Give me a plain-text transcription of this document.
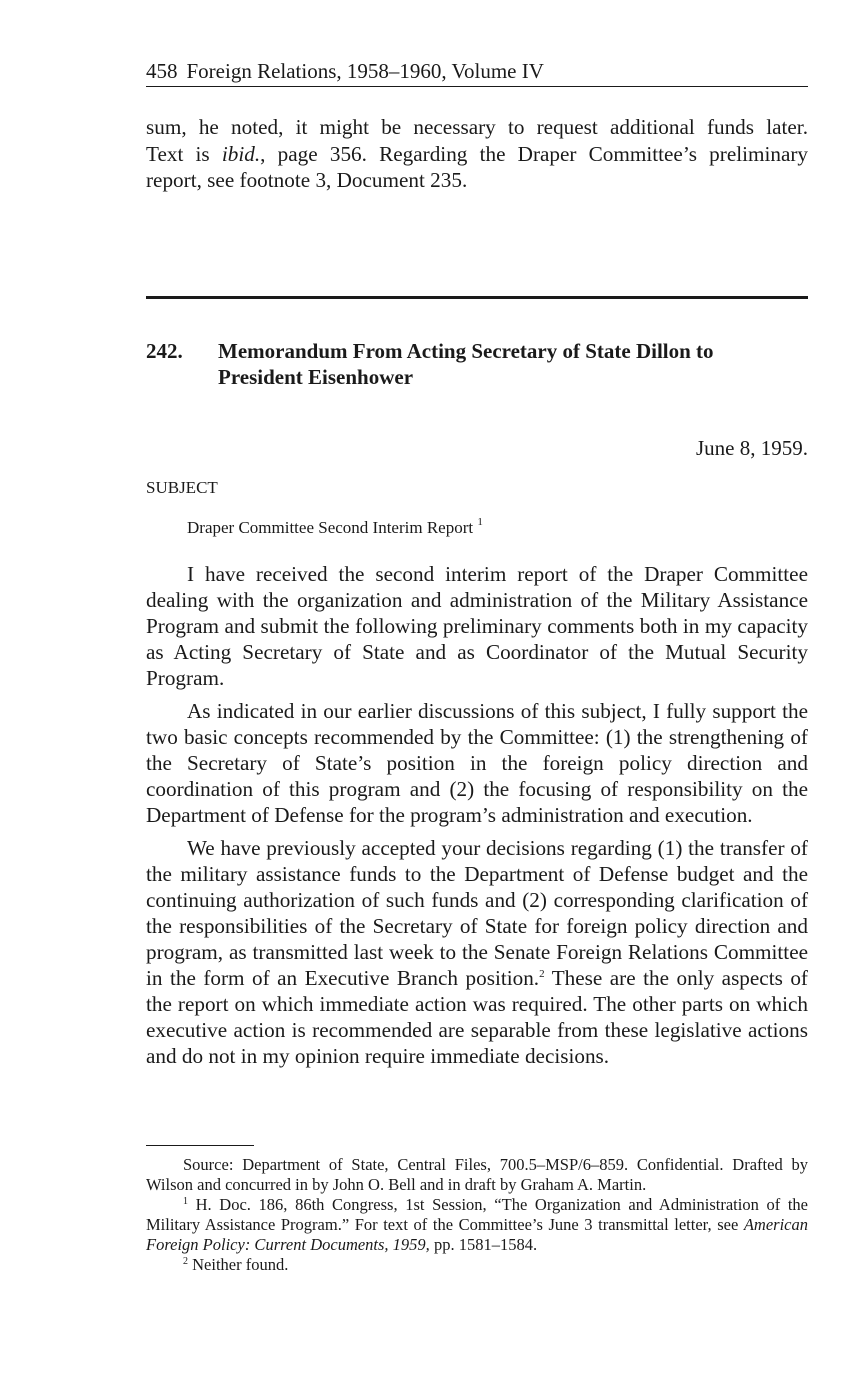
458 Foreign Relations, 1958–1960, Volume IV
sum, he noted, it might be necessary to request additional funds later.
Text is ibid., page 356. Regarding the Draper Committee’s preliminary
report, see footnote 3, Document 235.
242. Memorandum From Acting Secretary of State Dillon to
President Eisenhower
June 8, 1959.
SUBJECT
Draper Committee Second Interim Report $^1$

I have received the second interim report of the Draper Committee dealing with the organization and administration of the Military Assistance Program and submit the following preliminary comments both in my capacity as Acting Secretary of State and as Coordinator of the Mutual Security Program.

As indicated in our earlier discussions of this subject, I fully support the two basic concepts recommended by the Committee: (1) the strengthening of the Secretary of State’s position in the foreign policy direction and coordination of this program and (2) the focusing of responsibility on the Department of Defense for the program’s administration and execution.

We have previously accepted your decisions regarding (1) the transfer of the military assistance funds to the Department of Defense budget and the continuing authorization of such funds and (2) corresponding clarification of the responsibilities of the Secretary of State for foreign policy direction and program, as transmitted last week to the Senate Foreign Relations Committee in the form of an Executive Branch position.$^2$ These are the only aspects of the report on which immediate action was required. The other parts on which executive action is recommended are separable from these legislative actions and do not in my opinion require immediate decisions.

Source: Department of State, Central Files, 700.5–MSP/6–859. Confidential. Drafted by Wilson and concurred in by John O. Bell and in draft by Graham A. Martin.

$^1$ H. Doc. 186, 86th Congress, 1st Session, “The Organization and Administration of the Military Assistance Program.” For text of the Committee’s June 3 transmittal letter, see American Foreign Policy: Current Documents, 1959, pp. 1581–1584.

$^2$ Neither found.
